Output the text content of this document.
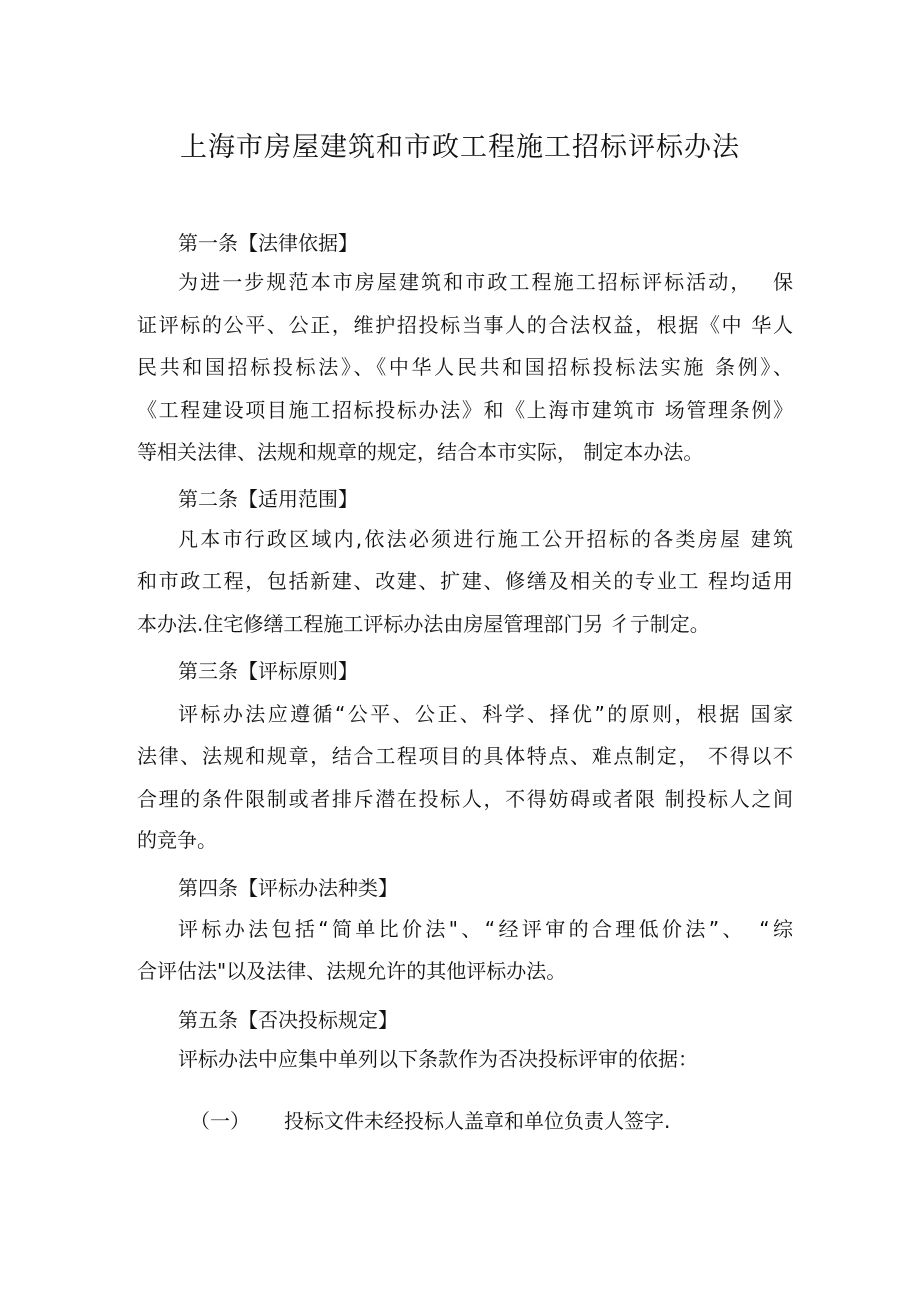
上海市房屋建筑和市政工程施工招标评标办法
第一条【法律依据】

为进一步规范本市房屋建筑和市政工程施工招标评标活动，　 保

证评标的公平、公正，维护招投标当事人的合法权益，根据《中 华人

民共和国招标投标法》、《中华人民共和国招标投标法实施 条例》、

《工程建设项目施工招标投标办法》和《上海市建筑市 场管理条例》

等相关法律、法规和规章的规定，结合本市实际， 制定本办法。

第二条【适用范围】

凡本市行政区域内,依法必须进行施工公开招标的各类房屋 建筑

和市政工程，包括新建、改建、扩建、修缮及相关的专业工 程均适用

本办法.住宅修缮工程施工评标办法由房屋管理部门另 彳亍制定。

第三条【评标原则】

评标办法应遵循“公平、公正、科学、择优”的原则，根据 国家

法律、法规和规章，结合工程项目的具体特点、难点制定， 不得以不

合理的条件限制或者排斥潜在投标人，不得妨碍或者限 制投标人之间

的竞争。

第四条【评标办法种类】

评标办法包括“简单比价法"、“经评审的合理低价法”、　“综

合评估法"以及法律、法规允许的其他评标办法。

第五条【否决投标规定】

评标办法中应集中单列以下条款作为否决投标评审的依据：

（一） 投标文件未经投标人盖章和单位负责人签字.
